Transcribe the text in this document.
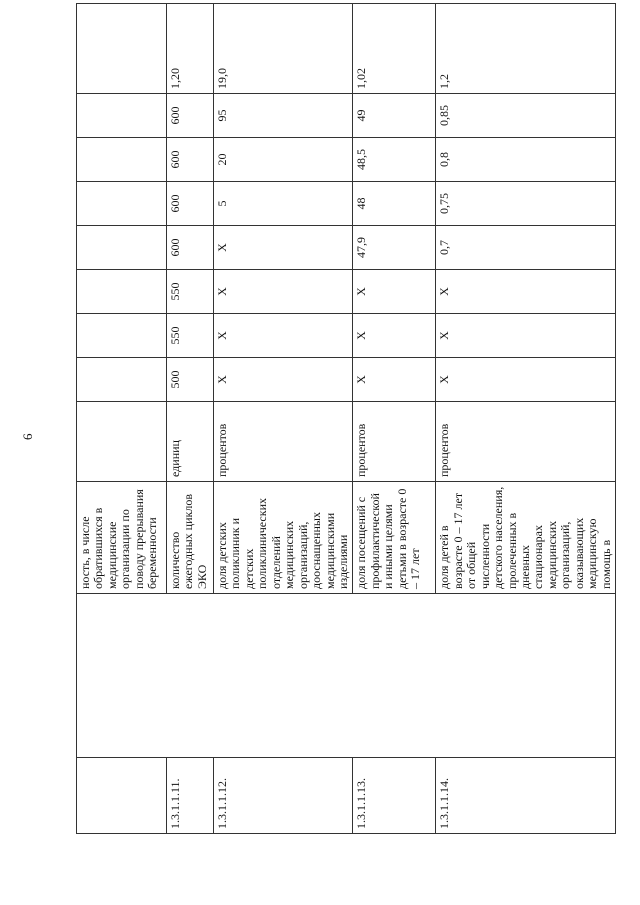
6
		ность, в числе обратившихся в медицинские организации по поводу прерывания беременности									
1.3.1.1.11.		количество ежегодных циклов ЭКО	единиц	500	550	550	600	600	600	600	1,20
1.3.1.1.12.		доля детских поликлиник и детских поликлинических отделений медицинских организаций, дооснащенных медицинскими изделиями	процентов	Х	Х	Х	Х	5	20	95	19,0
1.3.1.1.13.		доля посещений с профилактической и иными целями детьми в возрасте 0 – 17 лет	процентов	Х	Х	Х	47,9	48	48,5	49	1,02
1.3.1.1.14.		доля детей в возрасте 0 – 17 лет от общей численности детского населения, пролеченных в дневных стационарах медицинских организаций, оказывающих медицинскую помощь в	процентов	Х	Х	Х	0,7	0,75	0,8	0,85	1,2
